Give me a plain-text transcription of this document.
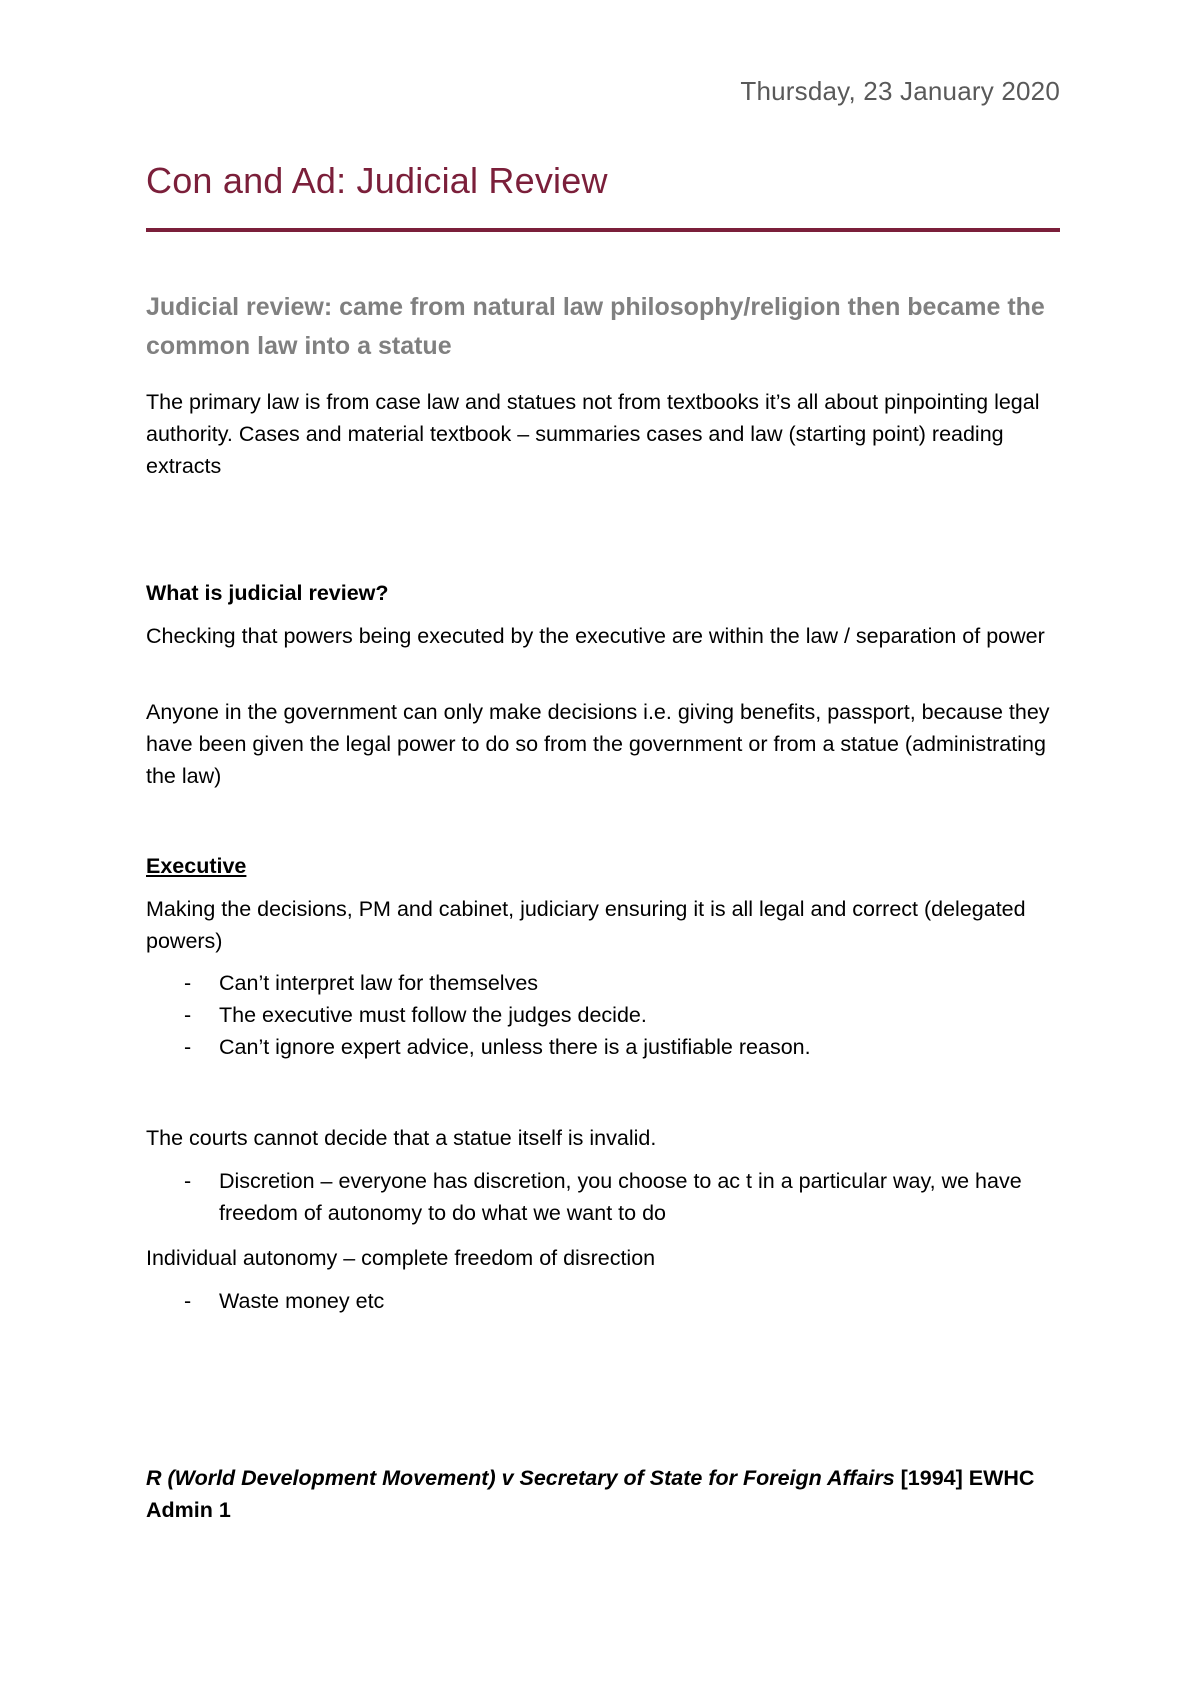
Thursday, 23 January 2020
Con and Ad: Judicial Review
Judicial review: came from natural law philosophy/religion then became the common law into a statue

The primary law is from case law and statues not from textbooks it’s all about pinpointing legal authority. Cases and material textbook – summaries cases and law (starting point) reading extracts

What is judicial review?

Checking that powers being executed by the executive are within the law / separation of power

Anyone in the government can only make decisions i.e. giving benefits, passport, because they have been given the legal power to do so from the government or from a statue (administrating the law)

Executive

Making the decisions, PM and cabinet, judiciary ensuring it is all legal and correct (delegated powers)

- Can’t interpret law for themselves
- The executive must follow the judges decide.
- Can’t ignore expert advice, unless there is a justifiable reason.

The courts cannot decide that a statue itself is invalid.

- Discretion – everyone has discretion, you choose to ac t in a particular way, we have freedom of autonomy to do what we want to do

Individual autonomy – complete freedom of disrection

- Waste money etc

R (World Development Movement) v Secretary of State for Foreign Affairs [1994] EWHC Admin 1
